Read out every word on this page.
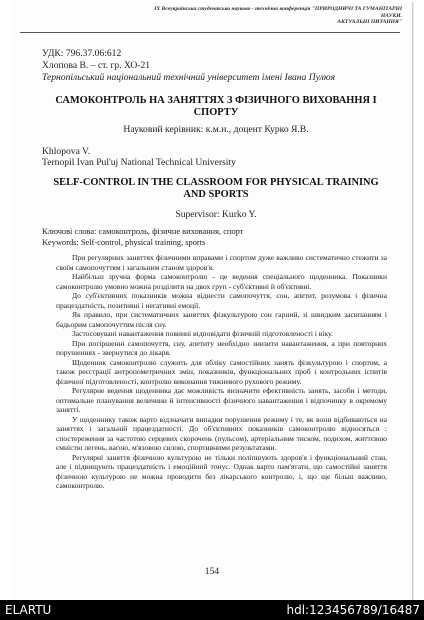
IX Всеукраїнська студентська науково - технічна конференція "ПРИРОДНИЧІ ТА ГУМАНІТАРНІ НАУКИ.
АКТУАЛЬНІ ПИТАННЯ"
УДК: 796.37.06:612
Хлопова В. – ст. гр. ХО-21
Тернопільський національний технічний університет імені Івана Пулюя
САМОКОНТРОЛЬ НА ЗАНЯТТЯХ З ФІЗИЧНОГО ВИХОВАННЯ І СПОРТУ
Науковий керівник: к.м.н., доцент Курко Я.В.
Khlopova V.
Ternopil Ivan Pul'uj National Technical University
SELF-CONTROL IN THE CLASSROOM FOR PHYSICAL TRAINING AND SPORTS
Supervisor: Kurko Y.
Ключові слова: самоконтроль, фізичне виховання, спорт
Keywords: Self-control, physical training, sports

При регулярних заняттях фізичними вправами і спортом дуже важливо систематично стежити за своїм самопочуттям і загальним станом здоров'я.

Найбільш зручна форма самоконтролю - це ведення спеціального щоденника. Показники самоконтролю умовно можна розділити на двох груп - суб'єктивні й об'єктивні.

До суб'єктивних показників можна віднести самопочуття, сон, апетит, розумова і фізична працездатність, позитивні і негативні емоції.

Як правило, при систематичних заняттях фізкультурою сон гарний, зі швидким засипанням і бадьорим самопочуттям після сну.

Застосовувані навантаження повинні відповідати фізичній підготовленості і віку.

При погіршенні самопочуття, сну, апетиту необхідно знизити навантаження, а при повторних порушеннях - звернутися до лікаря.

Щоденник самоконтролю служить для обліку самостійних занять фізкультурою і спортом, а також реєстрації антропометричних змін, показників, функціональних проб і контрольних іспитів фізичної підготовленості, контролю виконання тижневого рухового режиму.

Регулярне ведення щоденника дає можливість визначити ефективність занять, засоби і методи, оптимальне планування величини й інтенсивності фізичного навантаження і відпочинку в окремому занятті.

У щоденнику також варто відзначати випадки порушення режиму і те, як вони відбиваються на заняттях і загальній працездатності. До об'єктивних показників самоконтролю відносяться : спостереження за частотою серцевих скорочень (пульсом), артеріальним тиском, подихом, життєвою ємністю легень, вагою, м'язовою силою, спортивними результатами.

Регулярні заняття фізичною культурою не тільки поліпшують здоров'я і функціональний стан, але і підвищують працездатність і емоційний тонус. Однак варто пам'ятати, що самостійні заняття фізичною культурою не можна проводити без лікарського контролю, і, що ще більш важливо, самоконтролю.

154
ELARTU	hdl:123456789/16487
